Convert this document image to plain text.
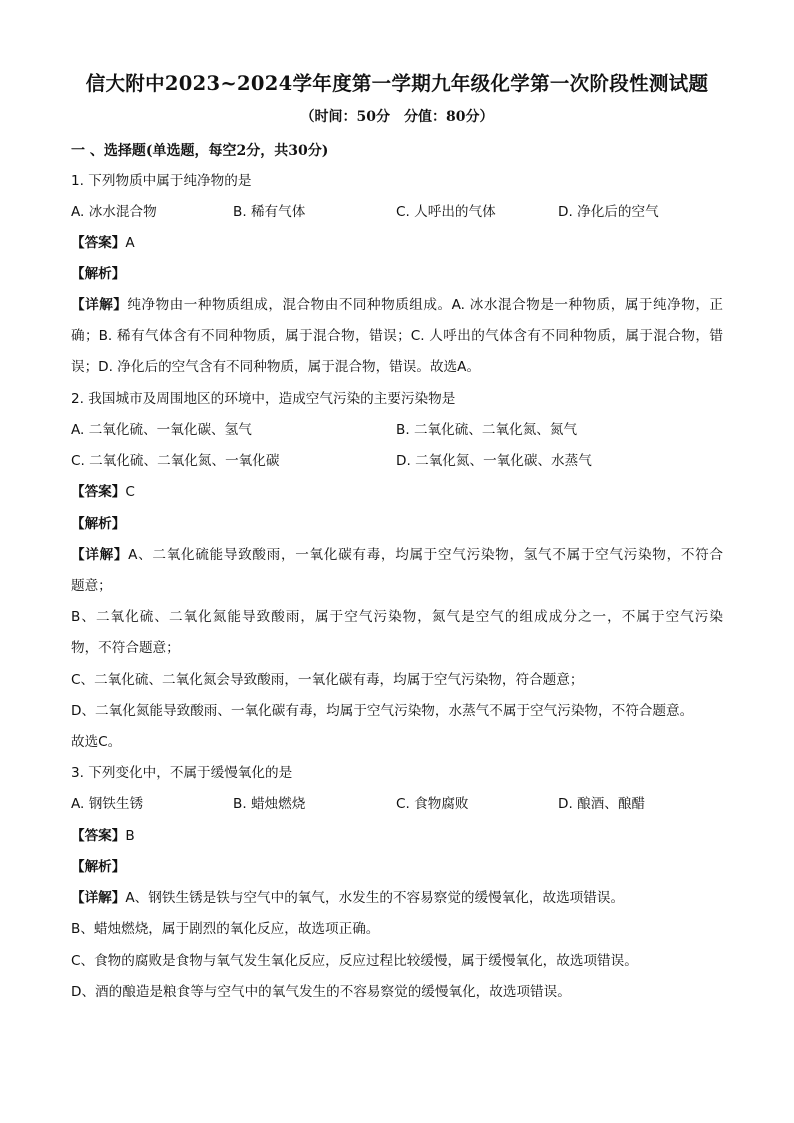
信大附中2023~2024学年度第一学期九年级化学第一次阶段性测试题
（时间：50分　分值：80分）
一 、选择题(单选题，每空2分，共30分)
1. 下列物质中属于纯净物的是
A. 冰水混合物	B. 稀有气体	C. 人呼出的气体	D. 净化后的空气
【答案】A
【解析】
【详解】纯净物由一种物质组成，混合物由不同种物质组成。A. 冰水混合物是一种物质，属于纯净物，正
确；B. 稀有气体含有不同种物质，属于混合物，错误；C. 人呼出的气体含有不同种物质，属于混合物，错
误；D. 净化后的空气含有不同种物质，属于混合物，错误。故选A。
2. 我国城市及周围地区的环境中，造成空气污染的主要污染物是
A. 二氧化硫、一氧化碳、氢气	B. 二氧化硫、二氧化氮、氮气
C. 二氧化硫、二氧化氮、一氧化碳	D. 二氧化氮、一氧化碳、水蒸气
【答案】C
【解析】
【详解】A、二氧化硫能导致酸雨，一氧化碳有毒，均属于空气污染物，氢气不属于空气污染物，不符合
题意；
B、二氧化硫、二氧化氮能导致酸雨，属于空气污染物，氮气是空气的组成成分之一，不属于空气污染
物，不符合题意；
C、二氧化硫、二氧化氮会导致酸雨，一氧化碳有毒，均属于空气污染物，符合题意；
D、二氧化氮能导致酸雨、一氧化碳有毒，均属于空气污染物，水蒸气不属于空气污染物，不符合题意。
故选C。
3. 下列变化中，不属于缓慢氧化的是
A. 钢铁生锈	B. 蜡烛燃烧	C. 食物腐败	D. 酿酒、酿醋
【答案】B
【解析】
【详解】A、钢铁生锈是铁与空气中的氧气，水发生的不容易察觉的缓慢氧化，故选项错误。
B、蜡烛燃烧，属于剧烈的氧化反应，故选项正确。
C、食物的腐败是食物与氧气发生氧化反应，反应过程比较缓慢，属于缓慢氧化，故选项错误。
D、酒的酿造是粮食等与空气中的氧气发生的不容易察觉的缓慢氧化，故选项错误。
